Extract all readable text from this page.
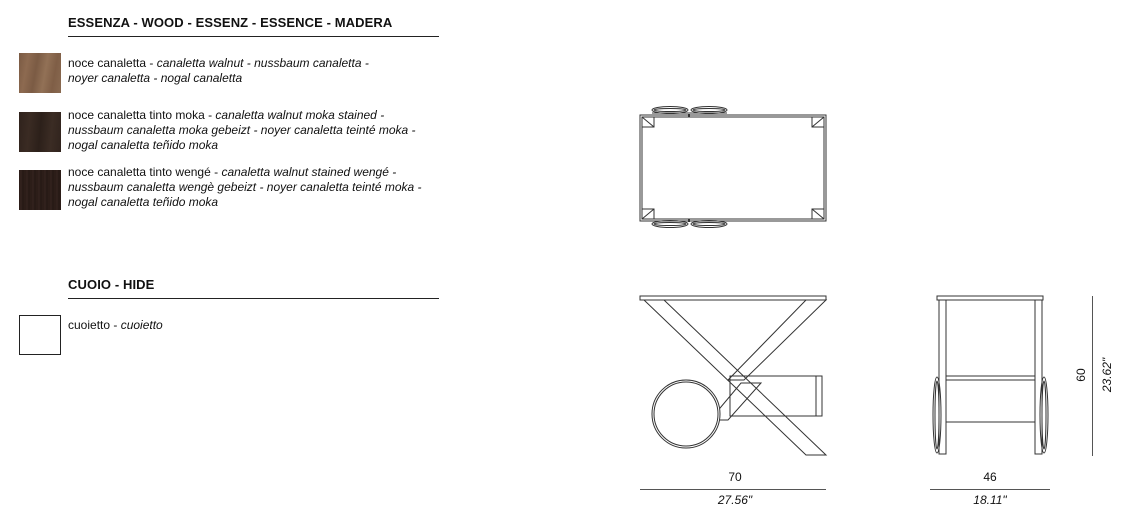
ESSENZA - WOOD - ESSENZ - ESSENCE - MADERA
noce canaletta - canaletta walnut - nussbaum canaletta -
noyer canaletta - nogal canaletta
noce canaletta tinto moka - canaletta walnut moka stained -
nussbaum canaletta moka gebeizt - noyer canaletta teinté moka -
nogal canaletta teñido moka
noce canaletta tinto wengé - canaletta walnut stained wengé -
nussbaum canaletta wengè gebeizt - noyer canaletta teinté moka -
nogal canaletta teñido moka
CUOIO - HIDE
cuoietto - cuoietto
70
27.56"
46
18.11"
60 23.62"
